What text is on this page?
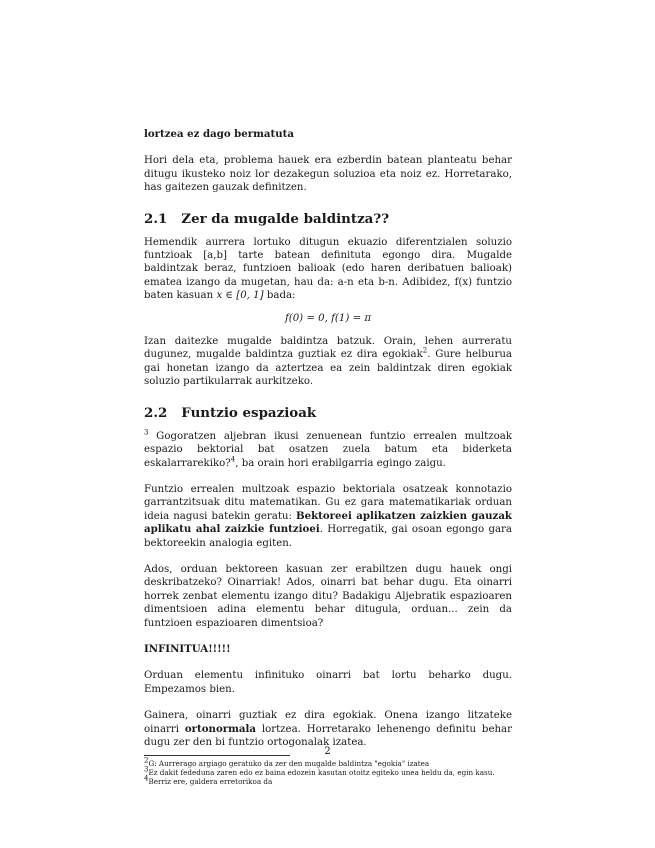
lortzea ez dago bermatuta

Hori dela eta, problema hauek era ezberdin batean planteatu behar ditugu ikusteko noiz lor dezakegun soluzioa eta noiz ez. Horretarako, has gaitezen gauzak definitzen.

2.1 Zer da mugalde baldintza??

Hemendik aurrera lortuko ditugun ekuazio diferentzialen soluzio funtzioak [a,b] tarte batean definituta egongo dira. Mugalde baldintzak beraz, funtzioen balioak (edo haren deribatuen balioak) ematea izango da mugetan, hau da: a-n eta b-n. Adibidez, f(x) funtzio baten kasuan x ∈ [0, 1] bada:

f(0) = 0, f(1) = π

Izan daitezke mugalde baldintza batzuk. Orain, lehen aurreratu dugunez, mugalde baldintza guztiak ez dira egokiak$^2$. Gure helburua gai honetan izango da aztertzea ea zein baldintzak diren egokiak soluzio partikularrak aurkitzeko.

2.2 Funtzio espazioak

$^3$ Gogoratzen aljebran ikusi zenuenean funtzio errealen multzoak espazio bektorial bat osatzen zuela batum eta biderketa eskalarrarekiko?$^4$, ba orain hori erabilgarria egingo zaigu.

Funtzio errealen multzoak espazio bektoriala osatzeak konnotazio garrantzitsuak ditu matematikan. Gu ez gara matematikariak orduan ideia nagusi batekin geratu: Bektoreei aplikatzen zaizkien gauzak aplikatu ahal zaizkie funtzioei. Horregatik, gai osoan egongo gara bektoreekin analogia egiten.

Ados, orduan bektoreen kasuan zer erabiltzen dugu hauek ongi deskribatzeko? Oinarriak! Ados, oinarri bat behar dugu. Eta oinarri horrek zenbat elementu izango ditu? Badakigu Aljebratik espazioaren dimentsioen adina elementu behar ditugula, orduan... zein da funtzioen espazioaren dimentsioa?

INFINITUA!!!!!

Orduan elementu infinituko oinarri bat lortu beharko dugu. Empezamos bien.

Gainera, oinarri guztiak ez dira egokiak. Onena izango litzateke oinarri ortonormala lortzea. Horretarako lehenengo definitu behar dugu zer den bi funtzio ortogonalak izatea.

$^2$G: Aurrerago argiago geratuko da zer den mugalde baldintza "egokia" izatea
$^3$Ez dakit fededuna zaren edo ez baina edozein kasutan otoitz egiteko unea heldu da, egin kasu.
$^4$Berriz ere, galdera erretorikoa da
2
